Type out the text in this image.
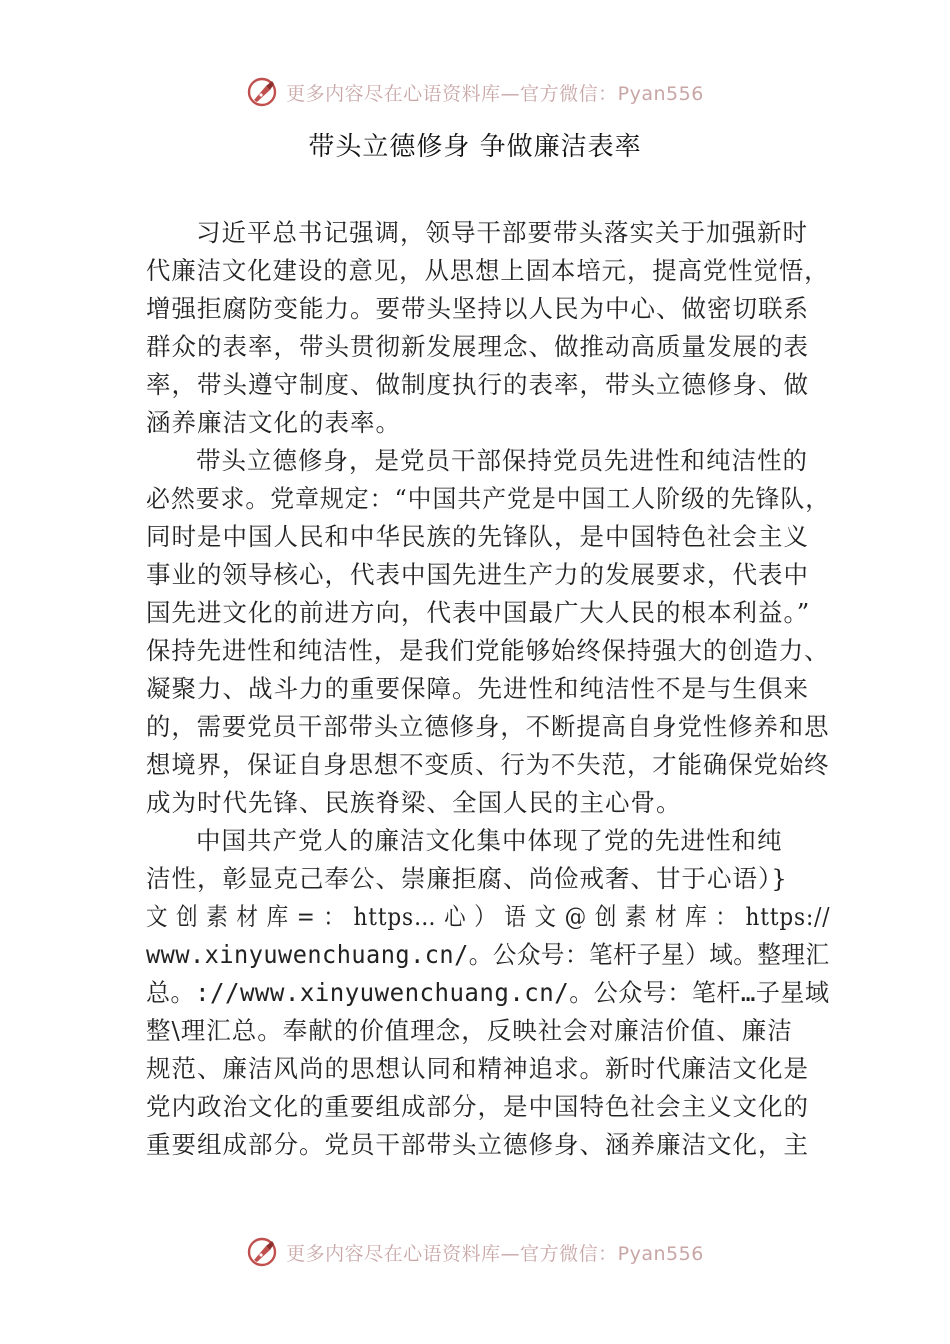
更多内容尽在心语资料库—官方微信：Pyan556
带头立德修身 争做廉洁表率
习近平总书记强调，领导干部要带头落实关于加强新时
代廉洁文化建设的意见，从思想上固本培元，提高党性觉悟，
增强拒腐防变能力。要带头坚持以人民为中心、做密切联系
群众的表率，带头贯彻新发展理念、做推动高质量发展的表
率，带头遵守制度、做制度执行的表率，带头立德修身、做
涵养廉洁文化的表率。
带头立德修身，是党员干部保持党员先进性和纯洁性的
必然要求。党章规定：“中国共产党是中国工人阶级的先锋队，
同时是中国人民和中华民族的先锋队，是中国特色社会主义
事业的领导核心，代表中国先进生产力的发展要求，代表中
国先进文化的前进方向，代表中国最广大人民的根本利益。”
保持先进性和纯洁性，是我们党能够始终保持强大的创造力、
凝聚力、战斗力的重要保障。先进性和纯洁性不是与生俱来
的，需要党员干部带头立德修身，不断提高自身党性修养和思
想境界，保证自身思想不变质、行为不失范，才能确保党始终
成为时代先锋、民族脊梁、全国人民的主心骨。
中国共产党人的廉洁文化集中体现了党的先进性和纯
洁性，彰显克己奉公、崇廉拒腐、尚俭戒奢、甘于心语）}
文 创 素 材 库 = ： https… 心 ） 语 文 @ 创 素 材 库 ： https://
www.xinyuwenchuang.cn/。公众号：笔杆子星）域。整理汇
总。://www.xinyuwenchuang.cn/。公众号：笔杆…子星域
整\理汇总。奉献的价值理念，反映社会对廉洁价值、廉洁
规范、廉洁风尚的思想认同和精神追求。新时代廉洁文化是
党内政治文化的重要组成部分，是中国特色社会主义文化的
重要组成部分。党员干部带头立德修身、涵养廉洁文化，主
更多内容尽在心语资料库—官方微信：Pyan556
